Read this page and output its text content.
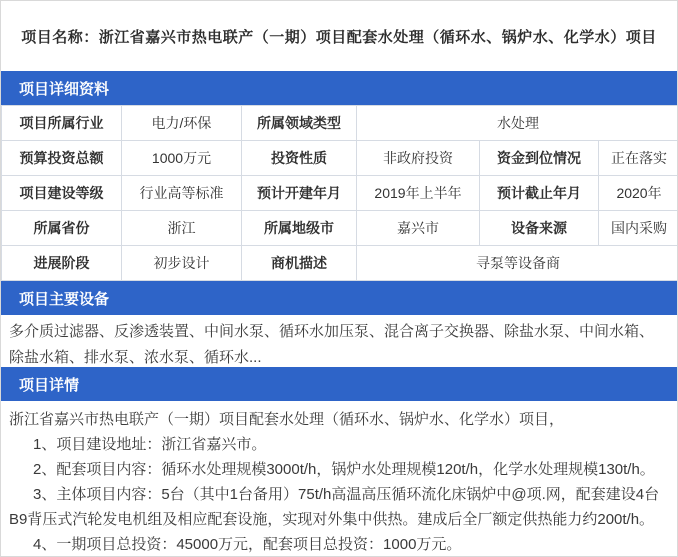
项目名称：浙江省嘉兴市热电联产（一期）项目配套水处理（循环水、锅炉水、化学水）项目
项目详细资料
项目所属行业	电力/环保	所属领域类型	水处理		
预算投资总额	1000万元	投资性质	非政府投资	资金到位情况	正在落实
项目建设等级	行业高等标准	预计开建年月	2019年上半年	预计截止年月	2020年
所属省份	浙江	所属地级市	嘉兴市	设备来源	国内采购
进展阶段	初步设计	商机描述	寻泵等设备商		
项目主要设备
多介质过滤器、反渗透装置、中间水泵、循环水加压泵、混合离子交换器、除盐水泵、中间水箱、除盐水箱、排水泵、浓水泵、循环水...
项目详情

浙江省嘉兴市热电联产（一期）项目配套水处理（循环水、锅炉水、化学水）项目，

1、项目建设地址：浙江省嘉兴市。

2、配套项目内容：循环水处理规模3000t/h，锅炉水处理规模120t/h，化学水处理规模130t/h。

3、主体项目内容：5台（其中1台备用）75t/h高温高压循环流化床锅炉中@项.网，配套建设4台B9背压式汽轮发电机组及相应配套设施，实现对外集中供热。建成后全厂额定供热能力约200t/h。

4、一期项目总投资：45000万元，配套项目总投资：1000万元。
